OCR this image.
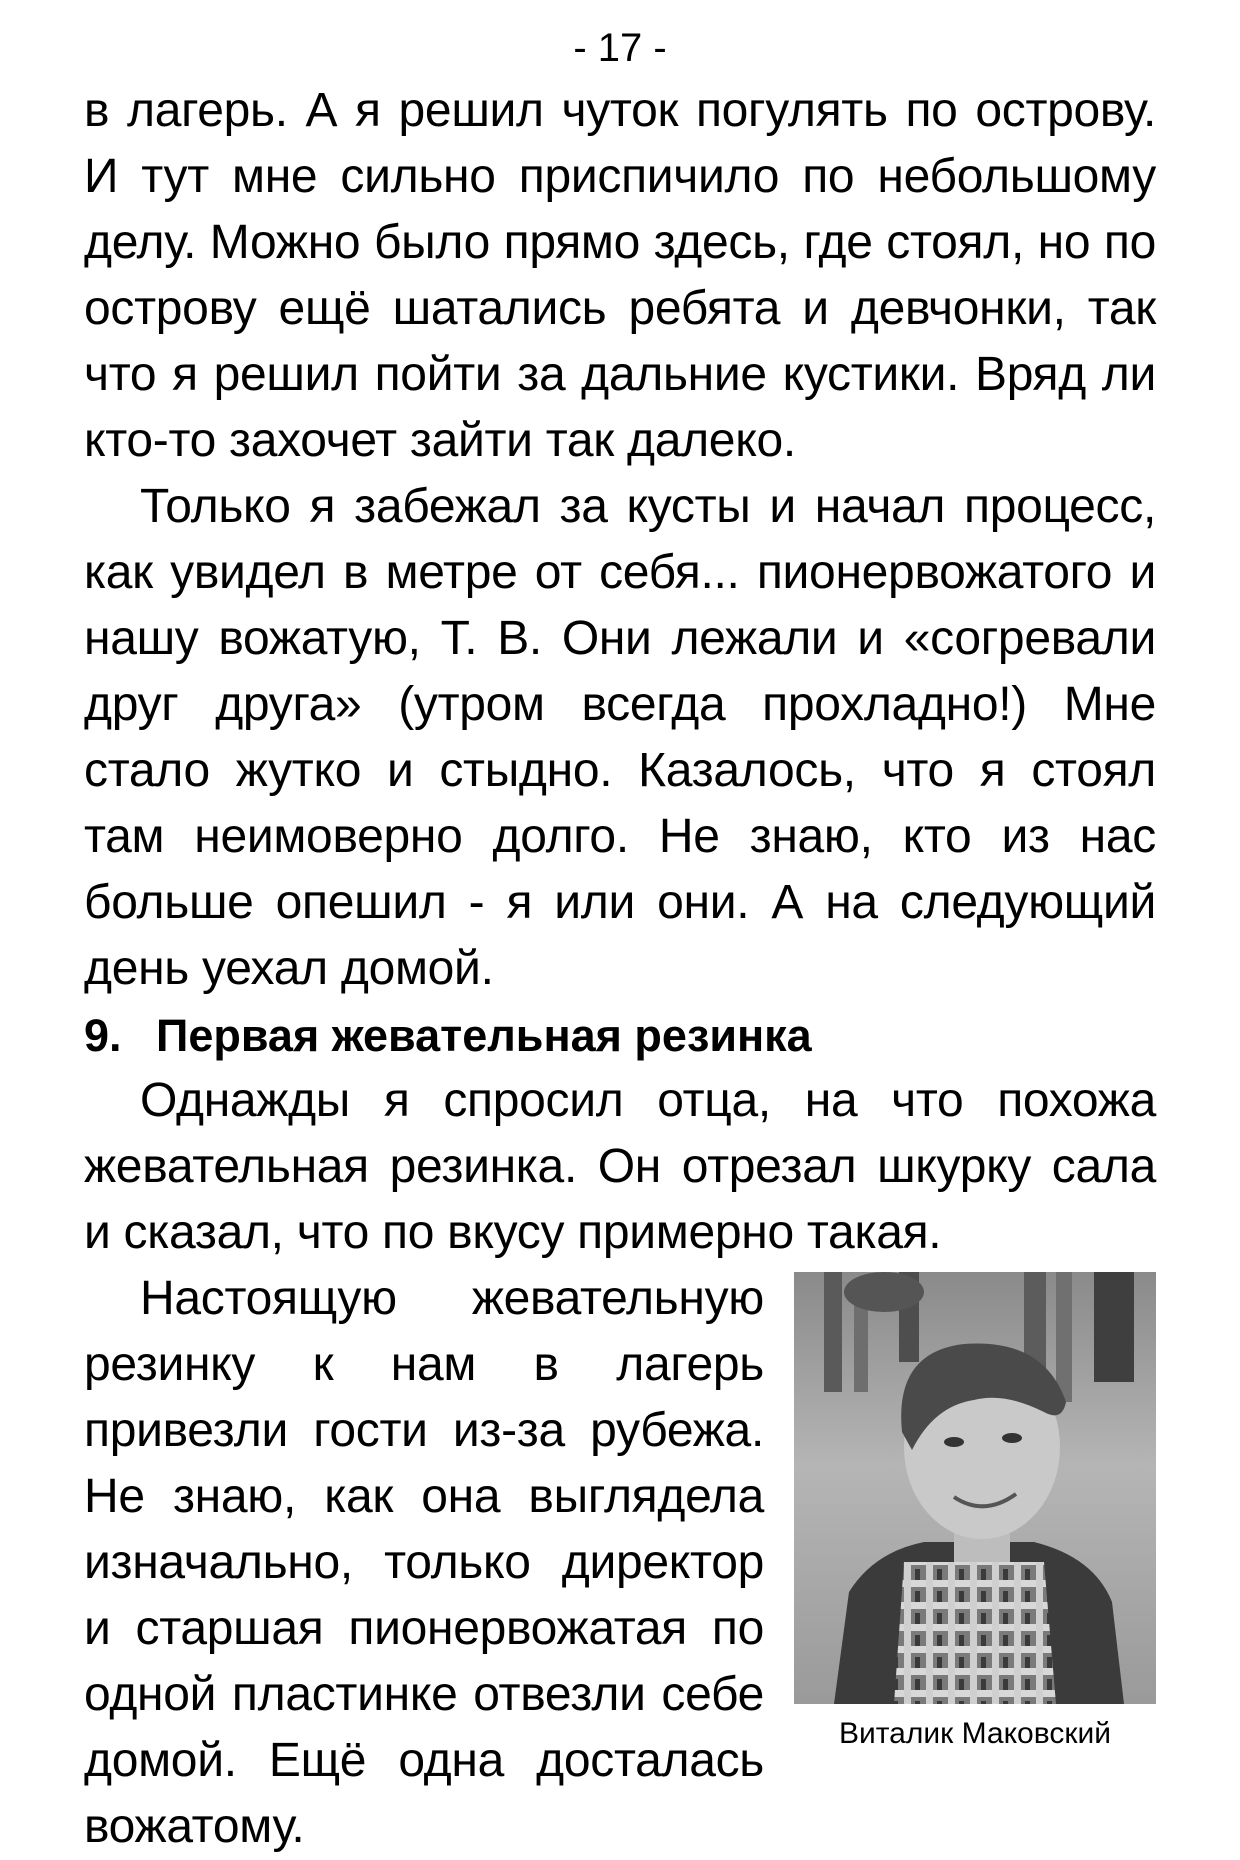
- 17 -

в лагерь. А я решил чуток погулять по острову. И тут мне сильно приспичило по небольшому делу. Можно было прямо здесь, где стоял, но по острову ещё шатались ребята и девчонки, так что я решил пойти за дальние кустики. Вряд ли кто-то захочет зайти так далеко.

Только я забежал за кусты и начал процесс, как увидел в метре от себя... пионервожатого и нашу вожатую, Т. В. Они лежали и «согревали друг друга» (утром всегда прохладно!) Мне стало жутко и стыдно. Казалось, что я стоял там неимоверно долго. Не знаю, кто из нас больше опешил - я или они. А на следующий день уехал домой.

9. Первая жевательная резинка

Однажды я спросил отца, на что похожа жевательная резинка. Он отрезал шкурку сала и сказал, что по вкусу примерно такая.

Виталик Маковский

Настоящую жевательную резинку к нам в лагерь привезли гости из-за рубежа. Не знаю, как она выглядела изначально, только директор и старшая пионервожатая по одной пластинке отвезли себе домой. Ещё одна досталась вожатому.
